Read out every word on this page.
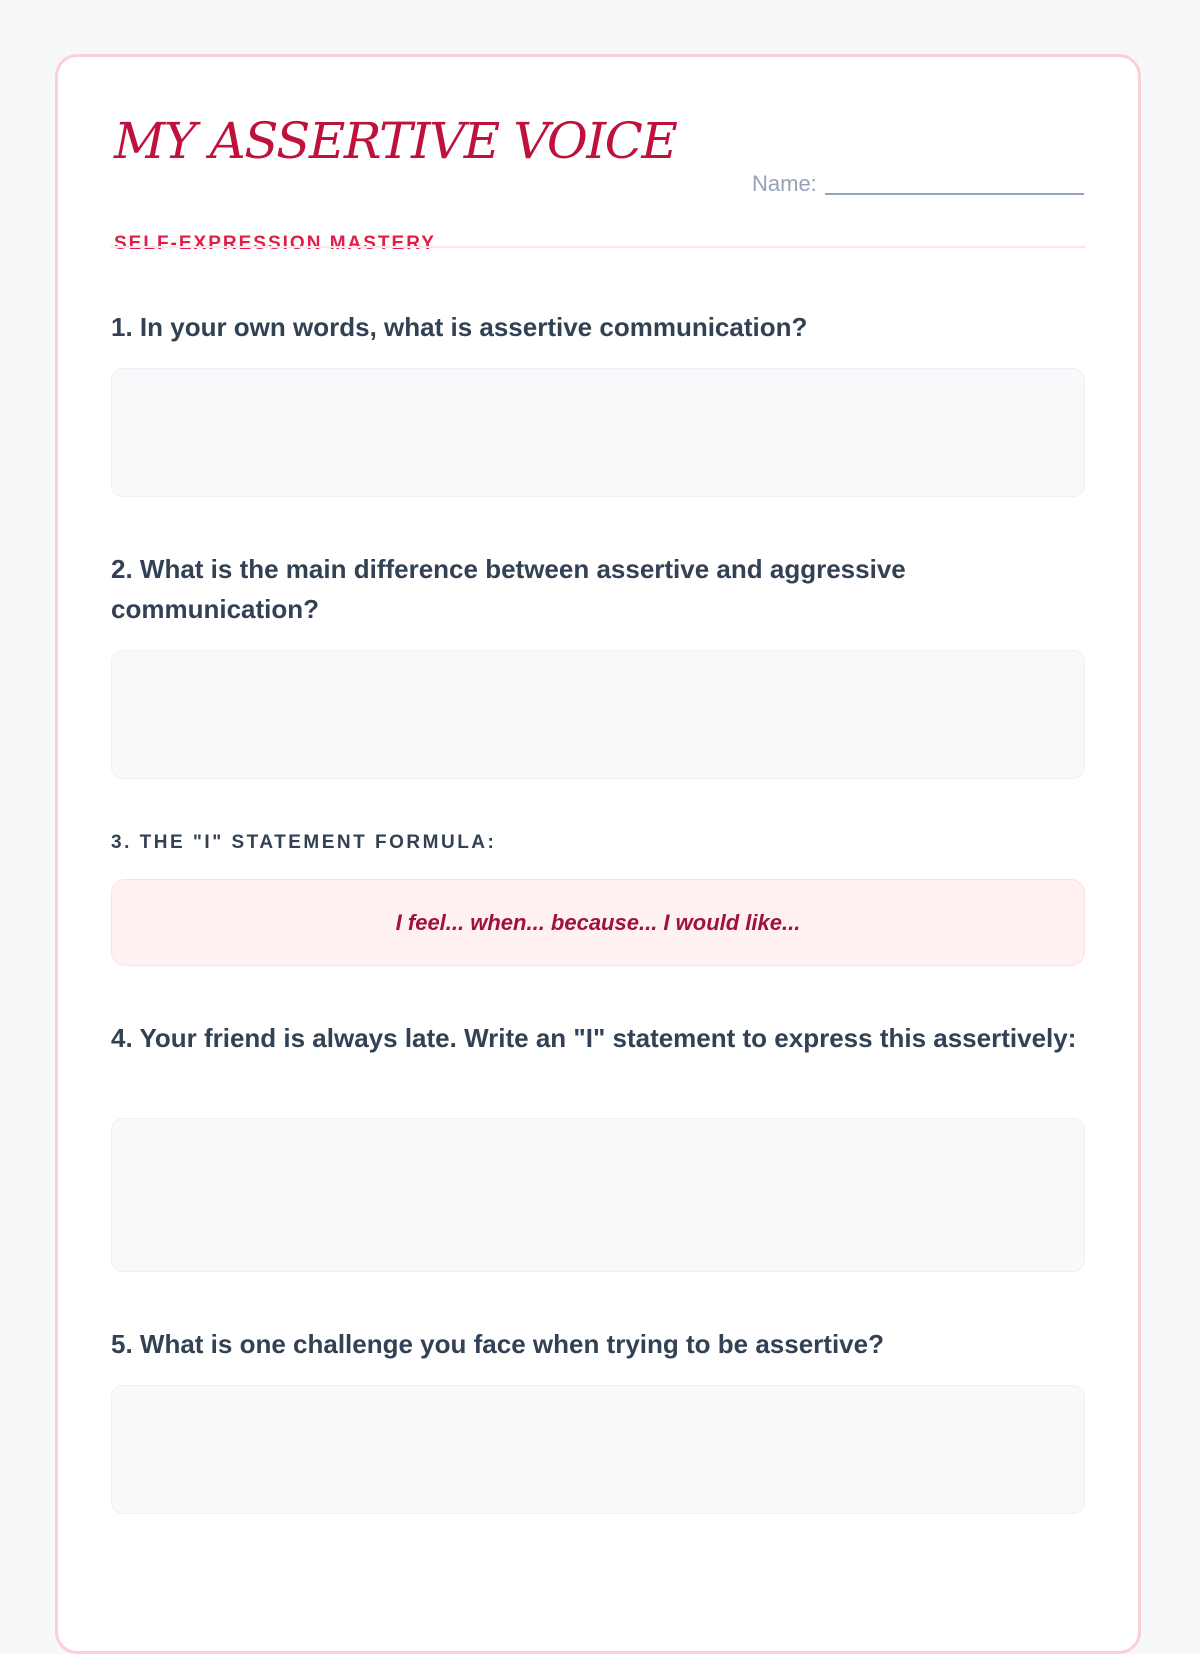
MY ASSERTIVE VOICE
SELF-EXPRESSION MASTERY
Name:

1. In your own words, what is assertive communication?

2. What is the main difference between assertive and aggressive communication?

3. THE "I" STATEMENT FORMULA:

I feel... when... because... I would like...

4. Your friend is always late. Write an "I" statement to express this assertively:

5. What is one challenge you face when trying to be assertive?
